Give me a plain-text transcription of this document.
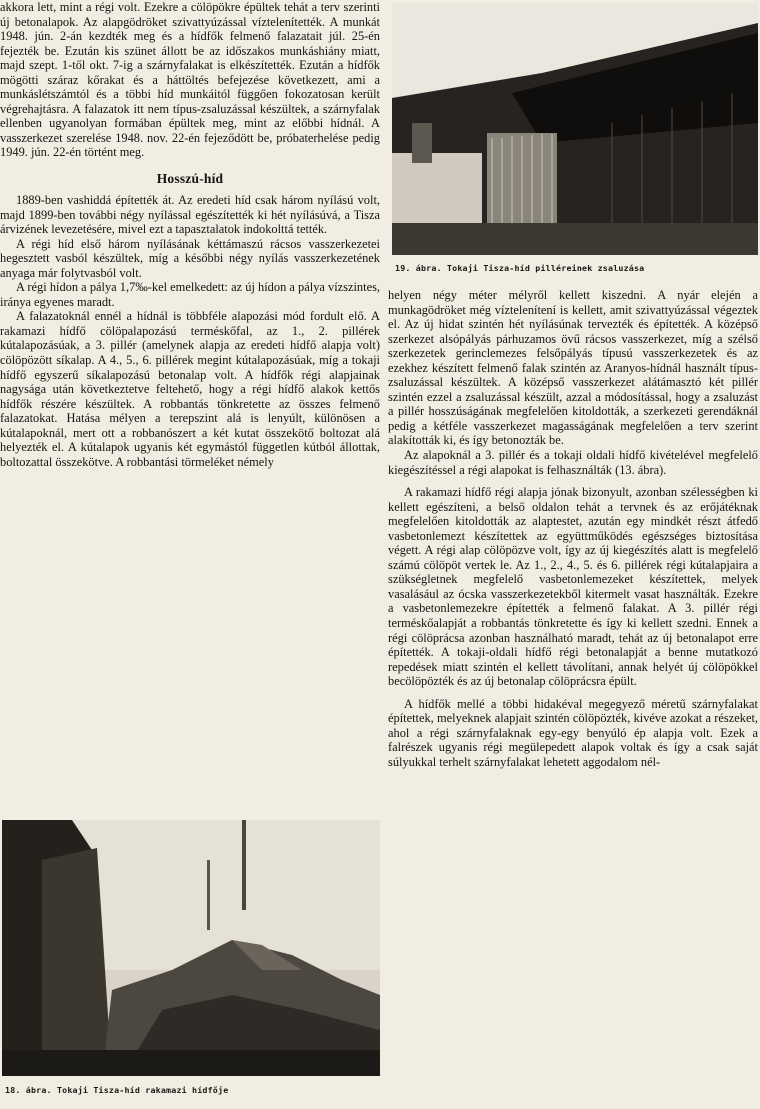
akkora lett, mint a régi volt. Ezekre a cölöpökre épültek tehát a terv szerinti új betonalapok. Az alapgödröket szivattyúzással víztelenítették. A munkát 1948. jún. 2-án kezdték meg és a hídfők felmenő falazatait júl. 25-én fejezték be. Ezután kis szünet állott be az időszakos munkáshiány miatt, majd szept. 1-től okt. 7-ig a szárnyfalakat is elkészítették. Ezután a hídfők mögötti száraz kőrakat és a háttöltés befejezése következett, ami a munkáslétszámtól és a többi híd munkáitól függően fokozatosan került végrehajtásra. A falazatok itt nem típus-zsaluzással készültek, a szárnyfalak ellenben ugyanolyan formában épültek meg, mint az előbbi hídnál. A vasszerkezet szerelése 1948. nov. 22-én fejeződött be, próbaterhelése pedig 1949. jún. 22-én történt meg.

Hosszú-híd

1889-ben vashiddá építették át. Az eredeti híd csak három nyílású volt, majd 1899-ben további négy nyílással egészítették ki hét nyílásúvá, a Tisza árvizének levezetésére, mivel ezt a tapasztalatok indokolttá tették.

A régi híd első három nyílásának kéttámaszú rácsos vasszerkezetei hegesztett vasból készültek, míg a későbbi négy nyílás vasszerkezetének anyaga már folytvasból volt.

A régi hídon a pálya 1,7‰-kel emelkedett: az új hídon a pálya vízszintes, iránya egyenes maradt.

A falazatoknál ennél a hídnál is többféle alapozási mód fordult elő. A rakamazi hídfő cölöpalapozású terméskőfal, az 1., 2. pillérek kútalapozásúak, a 3. pillér (amelynek alapja az eredeti hídfő alapja volt) cölöpözött síkalap. A 4., 5., 6. pillérek megint kútalapozásúak, míg a tokaji hídfő egyszerű síkalapozású betonalap volt. A hídfők régi alapjainak nagysága után következtetve feltehető, hogy a régi hídfő alakok kettős hídfők részére készültek. A robbantás tönkretette az összes felmenő falazatokat. Hatása mélyen a terepszint alá is lenyúlt, különösen a kútalapoknál, mert ott a robbanószert a két kutat összekötő boltozat alá helyezték el. A kútalapok ugyanis két egymástól független kútból állottak, boltozattal összekötve. A robbantási törmeléket némely

19. ábra. Tokaji Tisza-híd pilléreinek zsaluzása

helyen négy méter mélyről kellett kiszedni. A nyár elején a munkagödröket még víztelenítení is kellett, amit szivattyúzással végeztek el. Az új hidat szintén hét nyílásúnak tervezték és építették. A középső szerkezet alsópályás párhuzamos övű rácsos vasszerkezet, míg a szélső szerkezetek gerinclemezes felsőpályás típusú vasszerkezetek és az ezekhez készített felmenő falak szintén az Aranyos-hídnál használt típus-zsaluzással készültek. A középső vasszerkezet alátámasztó két pillér szintén ezzel a zsaluzással készült, azzal a módosítással, hogy a zsaluzást a pillér hosszúságának megfelelően kitoldották, a szerkezeti gerendáknál pedig a kétféle vasszerkezet magasságának megfelelően a terv szerint alakították ki, és így betonozták be.

Az alapoknál a 3. pillér és a tokaji oldali hídfő kivételével megfelelő kiegészítéssel a régi alapokat is felhasználták (13. ábra).

A rakamazi hídfő régi alapja jónak bizonyult, azonban szélességben ki kellett egészíteni, a belső oldalon tehát a tervnek és az erőjátéknak megfelelően kitoldották az alaptestet, azután egy mindkét részt átfedő vasbetonlemezt készítettek az együttműködés egészséges biztosítása végett. A régi alap cölöpözve volt, így az új kiegészítés alatt is megfelelő számú cölöpöt vertek le. Az 1., 2., 4., 5. és 6. pillérek régi kútalapjaira a szükségletnek megfelelő vasbetonlemezeket készítettek, melyek vasalásául az ócska vasszerkezetekből kitermelt vasat használták. Ezekre a vasbetonlemezekre építették a felmenő falakat. A 3. pillér régi terméskőalapját a robbantás tönkretette és így ki kellett szedni. Ennek a régi cölöprácsa azonban használható maradt, tehát az új betonalapot erre építették. A tokaji-oldali hídfő régi betonalapját a benne mutatkozó repedések miatt szintén el kellett távolítani, annak helyét új cölöpökkel becölöpözték és az új betonalap cölöprácsra épült.

A hídfők mellé a többi hidakéval megegyező méretű szárnyfalakat építettek, melyeknek alapjait szintén cölöpözték, kivéve azokat a részeket, ahol a régi szárnyfalaknak egy-egy benyúló ép alapja volt. Ezek a falrészek ugyanis régi megülepedett alapok voltak és így a csak saját súlyukkal terhelt szárnyfalakat lehetett aggodalom nél-

18. ábra. Tokaji Tisza-híd rakamazi hídfője
